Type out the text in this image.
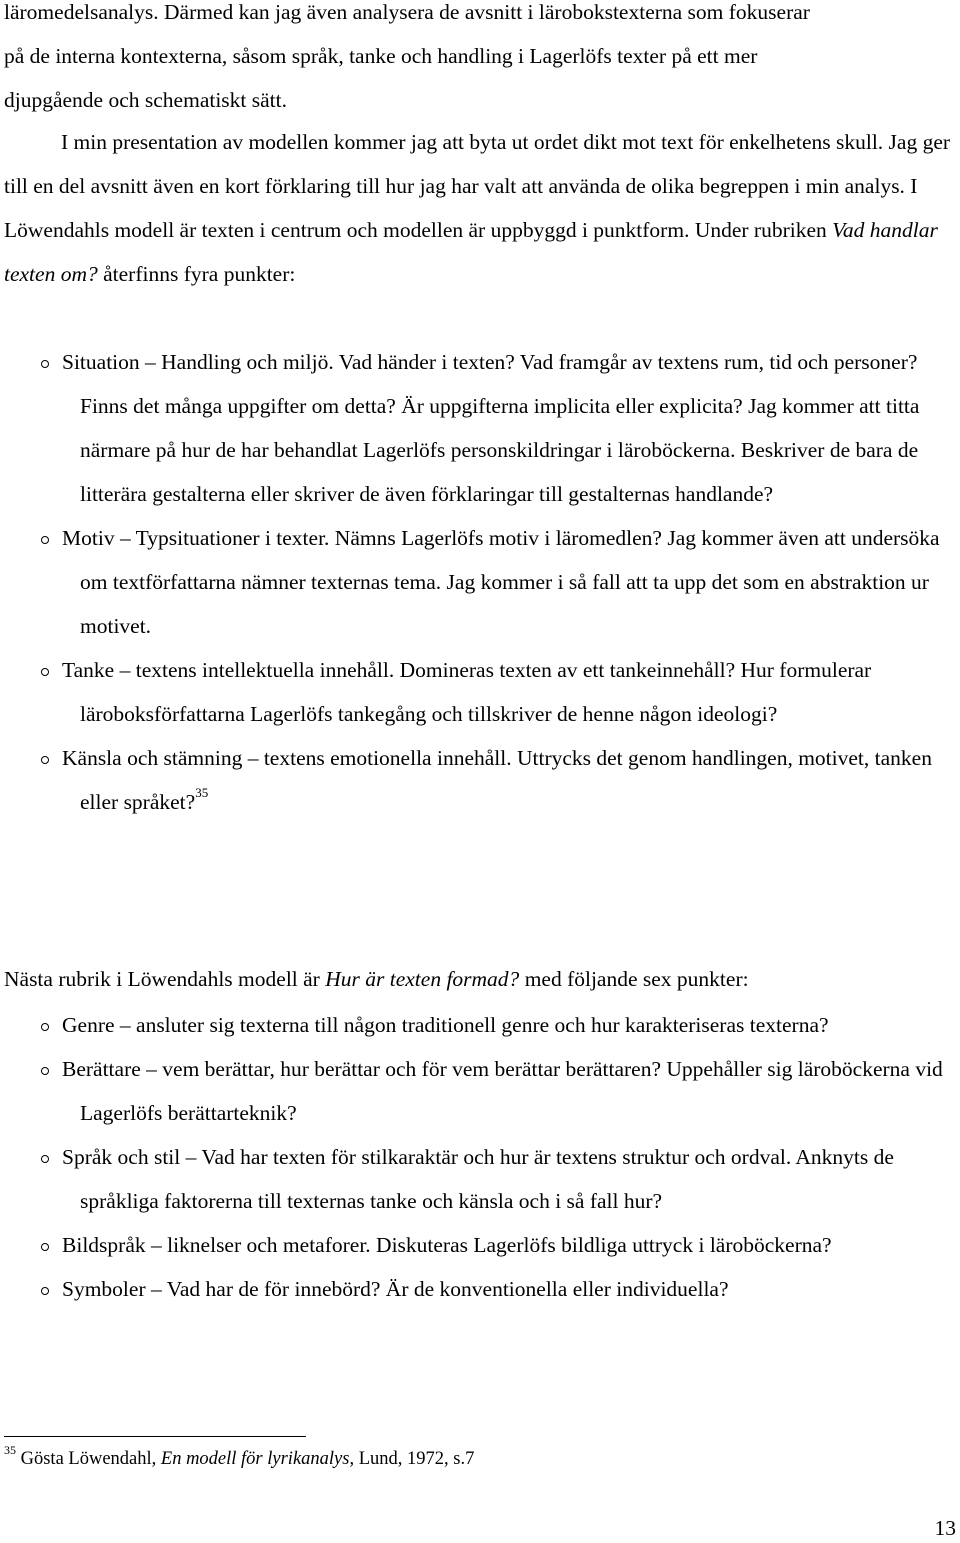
läromedelsanalys. Därmed kan jag även analysera de avsnitt i lärobokstexterna som fokuserar
på de interna kontexterna, såsom språk, tanke och handling i Lagerlöfs texter på ett mer
djupgående och schematiskt sätt.

I min presentation av modellen kommer jag att byta ut ordet dikt mot text för enkelhetens skull. Jag ger till en del avsnitt även en kort förklaring till hur jag har valt att använda de olika begreppen i min analys. I Löwendahls modell är texten i centrum och modellen är uppbyggd i punktform. Under rubriken Vad handlar texten om? återfinns fyra punkter:

Situation – Handling och miljö. Vad händer i texten? Vad framgår av textens rum, tid och personer? Finns det många uppgifter om detta? Är uppgifterna implicita eller explicita? Jag kommer att titta närmare på hur de har behandlat Lagerlöfs personskildringar i läroböckerna. Beskriver de bara de litterära gestalterna eller skriver de även förklaringar till gestalternas handlande?
Motiv – Typsituationer i texter. Nämns Lagerlöfs motiv i läromedlen? Jag kommer även att undersöka om textförfattarna nämner texternas tema. Jag kommer i så fall att ta upp det som en abstraktion ur motivet.
Tanke – textens intellektuella innehåll. Domineras texten av ett tankeinnehåll? Hur formulerar läroboksförfattarna Lagerlöfs tankegång och tillskriver de henne någon ideologi?
Känsla och stämning – textens emotionella innehåll. Uttrycks det genom handlingen, motivet, tanken eller språket?$^{35}$

Nästa rubrik i Löwendahls modell är Hur är texten formad? med följande sex punkter:

Genre – ansluter sig texterna till någon traditionell genre och hur karakteriseras texterna?
Berättare – vem berättar, hur berättar och för vem berättar berättaren? Uppehåller sig läroböckerna vid Lagerlöfs berättarteknik?
Språk och stil – Vad har texten för stilkaraktär och hur är textens struktur och ordval. Anknyts de språkliga faktorerna till texternas tanke och känsla och i så fall hur?
Bildspråk – liknelser och metaforer. Diskuteras Lagerlöfs bildliga uttryck i läroböckerna?
Symboler – Vad har de för innebörd? Är de konventionella eller individuella?

$^{35}$ Gösta Löwendahl, En modell för lyrikanalys, Lund, 1972, s.7

13
